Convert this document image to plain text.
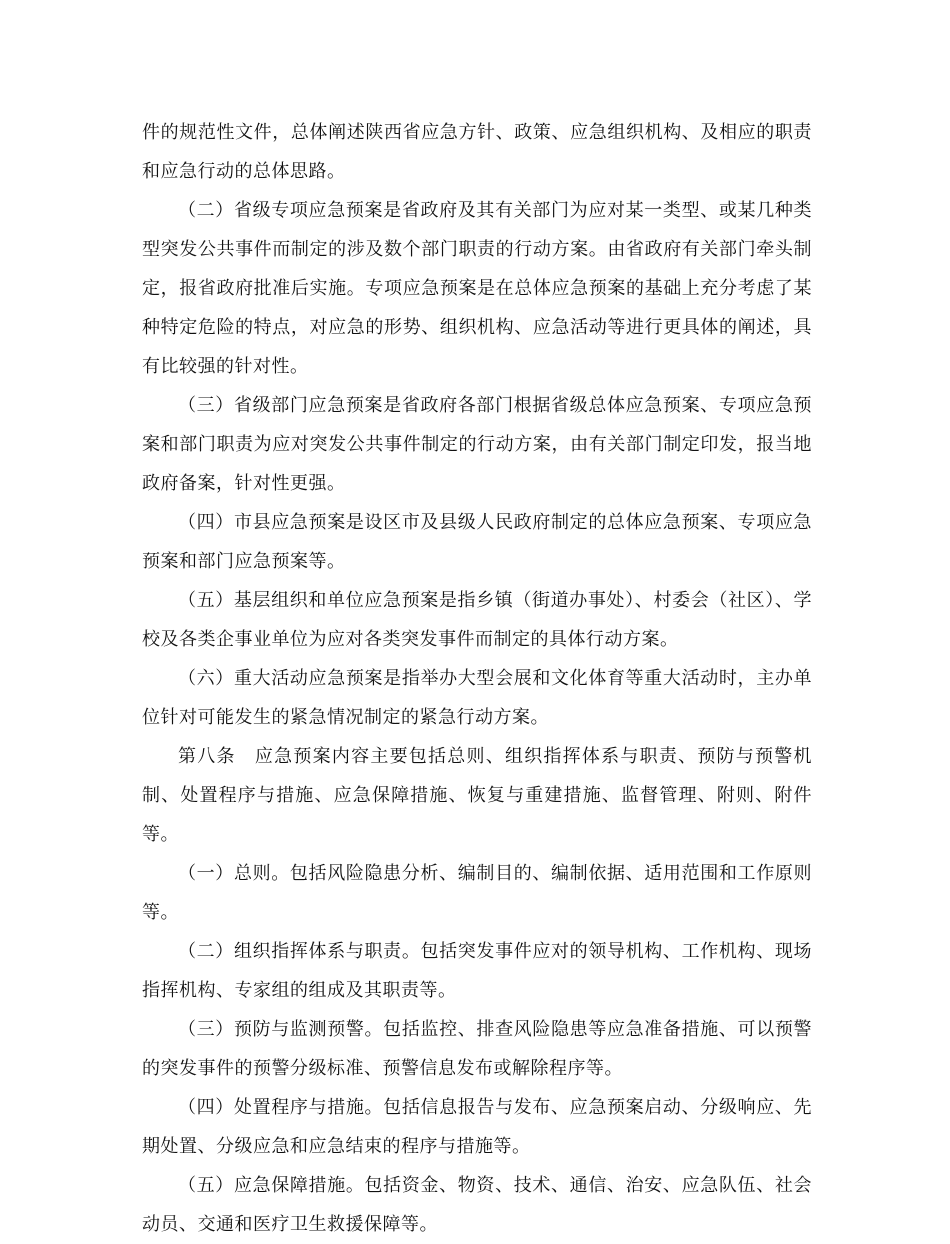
件的规范性文件，总体阐述陕西省应急方针、政策、应急组织机构、及相应的职责和应急行动的总体思路。

（二）省级专项应急预案是省政府及其有关部门为应对某一类型、或某几种类型突发公共事件而制定的涉及数个部门职责的行动方案。由省政府有关部门牵头制定，报省政府批准后实施。专项应急预案是在总体应急预案的基础上充分考虑了某种特定危险的特点，对应急的形势、组织机构、应急活动等进行更具体的阐述，具有比较强的针对性。

（三）省级部门应急预案是省政府各部门根据省级总体应急预案、专项应急预案和部门职责为应对突发公共事件制定的行动方案，由有关部门制定印发，报当地政府备案，针对性更强。

（四）市县应急预案是设区市及县级人民政府制定的总体应急预案、专项应急预案和部门应急预案等。

（五）基层组织和单位应急预案是指乡镇（街道办事处）、村委会（社区）、学校及各类企事业单位为应对各类突发事件而制定的具体行动方案。

（六）重大活动应急预案是指举办大型会展和文化体育等重大活动时，主办单位针对可能发生的紧急情况制定的紧急行动方案。

第八条　应急预案内容主要包括总则、组织指挥体系与职责、预防与预警机制、处置程序与措施、应急保障措施、恢复与重建措施、监督管理、附则、附件等。

（一）总则。包括风险隐患分析、编制目的、编制依据、适用范围和工作原则等。

（二）组织指挥体系与职责。包括突发事件应对的领导机构、工作机构、现场指挥机构、专家组的组成及其职责等。

（三）预防与监测预警。包括监控、排查风险隐患等应急准备措施、可以预警的突发事件的预警分级标准、预警信息发布或解除程序等。

（四）处置程序与措施。包括信息报告与发布、应急预案启动、分级响应、先期处置、分级应急和应急结束的程序与措施等。

（五）应急保障措施。包括资金、物资、技术、通信、治安、应急队伍、社会动员、交通和医疗卫生救援保障等。
